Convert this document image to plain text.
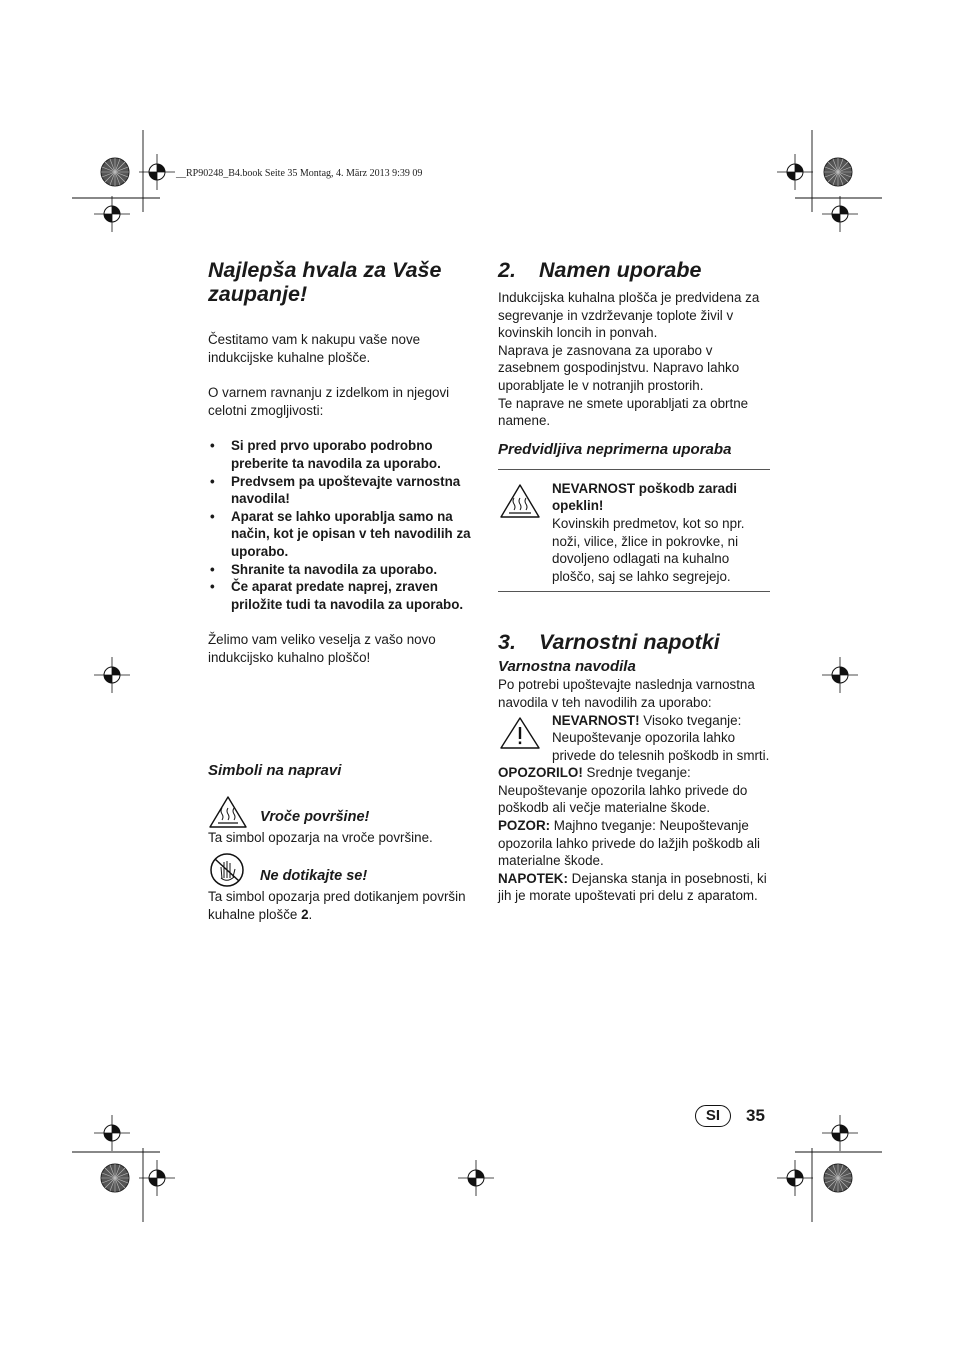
__RP90248_B4.book Seite 35 Montag, 4. März 2013 9:39 09
Najlepša hvala za Vaše zaupanje!

Čestitamo vam k nakupu vaše nove indukcijske kuhalne plošče.

O varnem ravnanju z izdelkom in njegovi celotni zmogljivosti:

• Si pred prvo uporabo podrobno preberite ta navodila za uporabo.
• Predvsem pa upoštevajte varnostna navodila!
• Aparat se lahko uporablja samo na način, kot je opisan v teh navodilih za uporabo.
• Shranite ta navodila za uporabo.
• Če aparat predate naprej, zraven priložite tudi ta navodila za uporabo.

Želimo vam veliko veselja z vašo novo indukcijsko kuhalno ploščo!

Simboli na napravi
Vroče površine!

Ta simbol opozarja na vroče površine.

Ne dotikajte se!

Ta simbol opozarja pred dotikanjem površin kuhalne plošče 2.

2. Namen uporabe

Indukcijska kuhalna plošča je predvidena za segrevanje in vzdrževanje toplote živil v kovinskih loncih in ponvah.

Naprava je zasnovana za uporabo v zasebnem gospodinjstvu. Napravo lahko uporabljate le v notranjih prostorih.

Te naprave ne smete uporabljati za obrtne namene.

Predvidljiva neprimerna uporaba

NEVARNOST poškodb zaradi opeklin!

Kovinskih predmetov, kot so npr. noži, vilice, žlice in pokrovke, ni dovoljeno odlagati na kuhalno ploščo, saj se lahko segrejejo.

3. Varnostni napotki
Varnostna navodila

Po potrebi upoštevajte naslednja varnostna navodila v teh navodilih za uporabo:

NEVARNOST! Visoko tveganje: Neupoštevanje opozorila lahko privede do telesnih poškodb in smrti.

OPOZORILO! Srednje tveganje: Neupoštevanje opozorila lahko privede do poškodb ali večje materialne škode.

POZOR: Majhno tveganje: Neupoštevanje opozorila lahko privede do lažjih poškodb ali materialne škode.

NAPOTEK: Dejanska stanja in posebnosti, ki jih je morate upoštevati pri delu z aparatom.

SI	35
